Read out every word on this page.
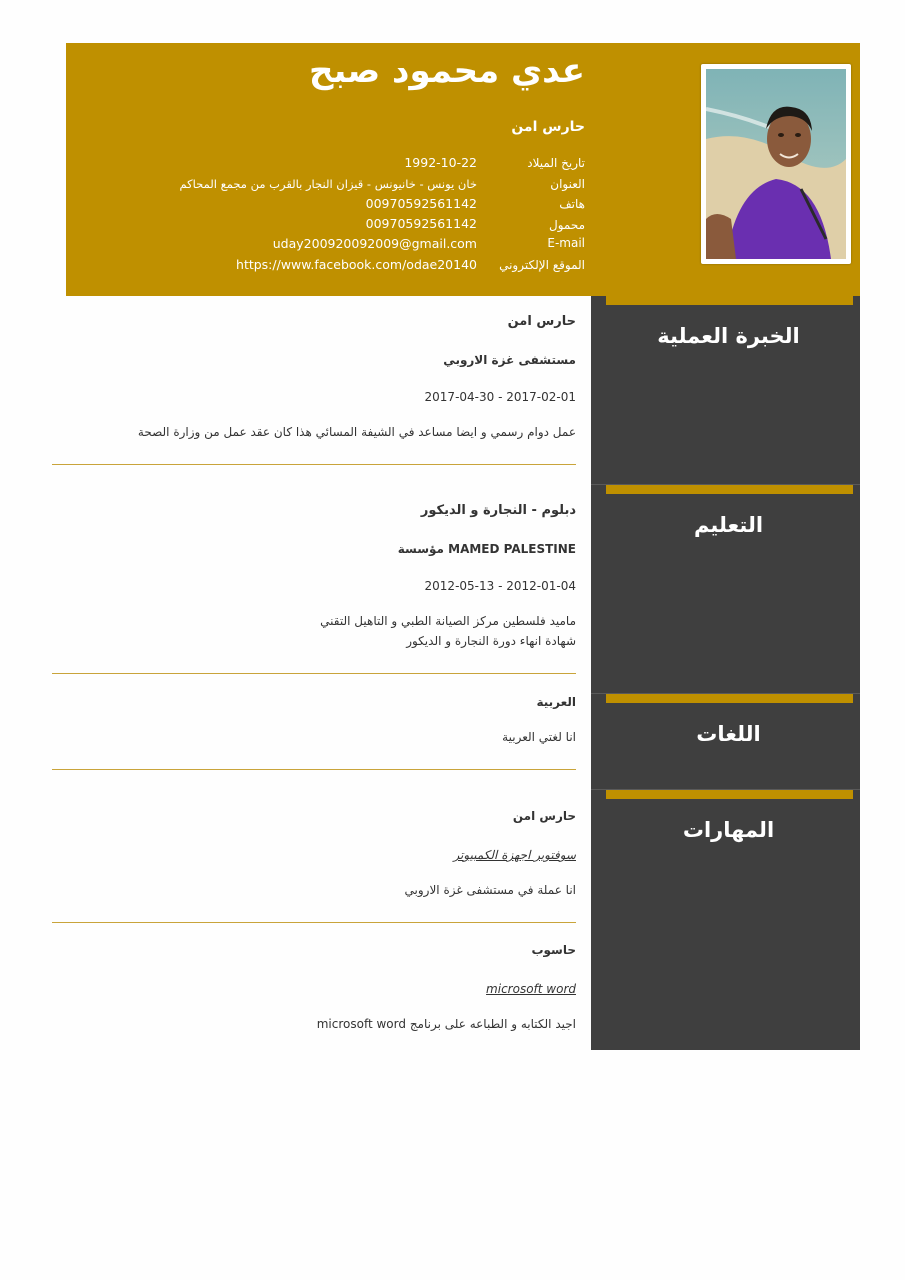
عدي محمود صبح
حارس امن
تاريخ الميلاد
1992-10-22
العنوان
خان يونس - خانيونس - قيزان النجار بالقرب من مجمع المحاكم
هاتف
00970592561142
محمول
00970592561142
E-mail
uday200920092009@gmail.com
الموقع الإلكتروني
https://www.facebook.com/odae20140
الخبرة العملية
التعليم
اللغات
المهارات
حارس امن
مستشفى غزة الاروبي
2017-02-01 - 2017-04-30
عمل دوام رسمي و ايضا مساعد في الشيفة المسائي هذا كان عقد عمل من وزارة الصحة
دبلوم - النجارة و الديكور
مؤسسة MAMED PALESTINE
2012-01-04 - 2012-05-13
ماميد فلسطين مركز الصيانة الطبي و التاهيل التقني
شهادة انهاء دورة النجارة و الديكور
العربية
انا لغتي العربية
حارس امن
سوفتوير اجهزة الكمبيوتر
انا عملة في مستشفى غزة الاروبي
حاسوب
microsoft word
اجيد الكتابه و الطباعه على برنامج microsoft word
